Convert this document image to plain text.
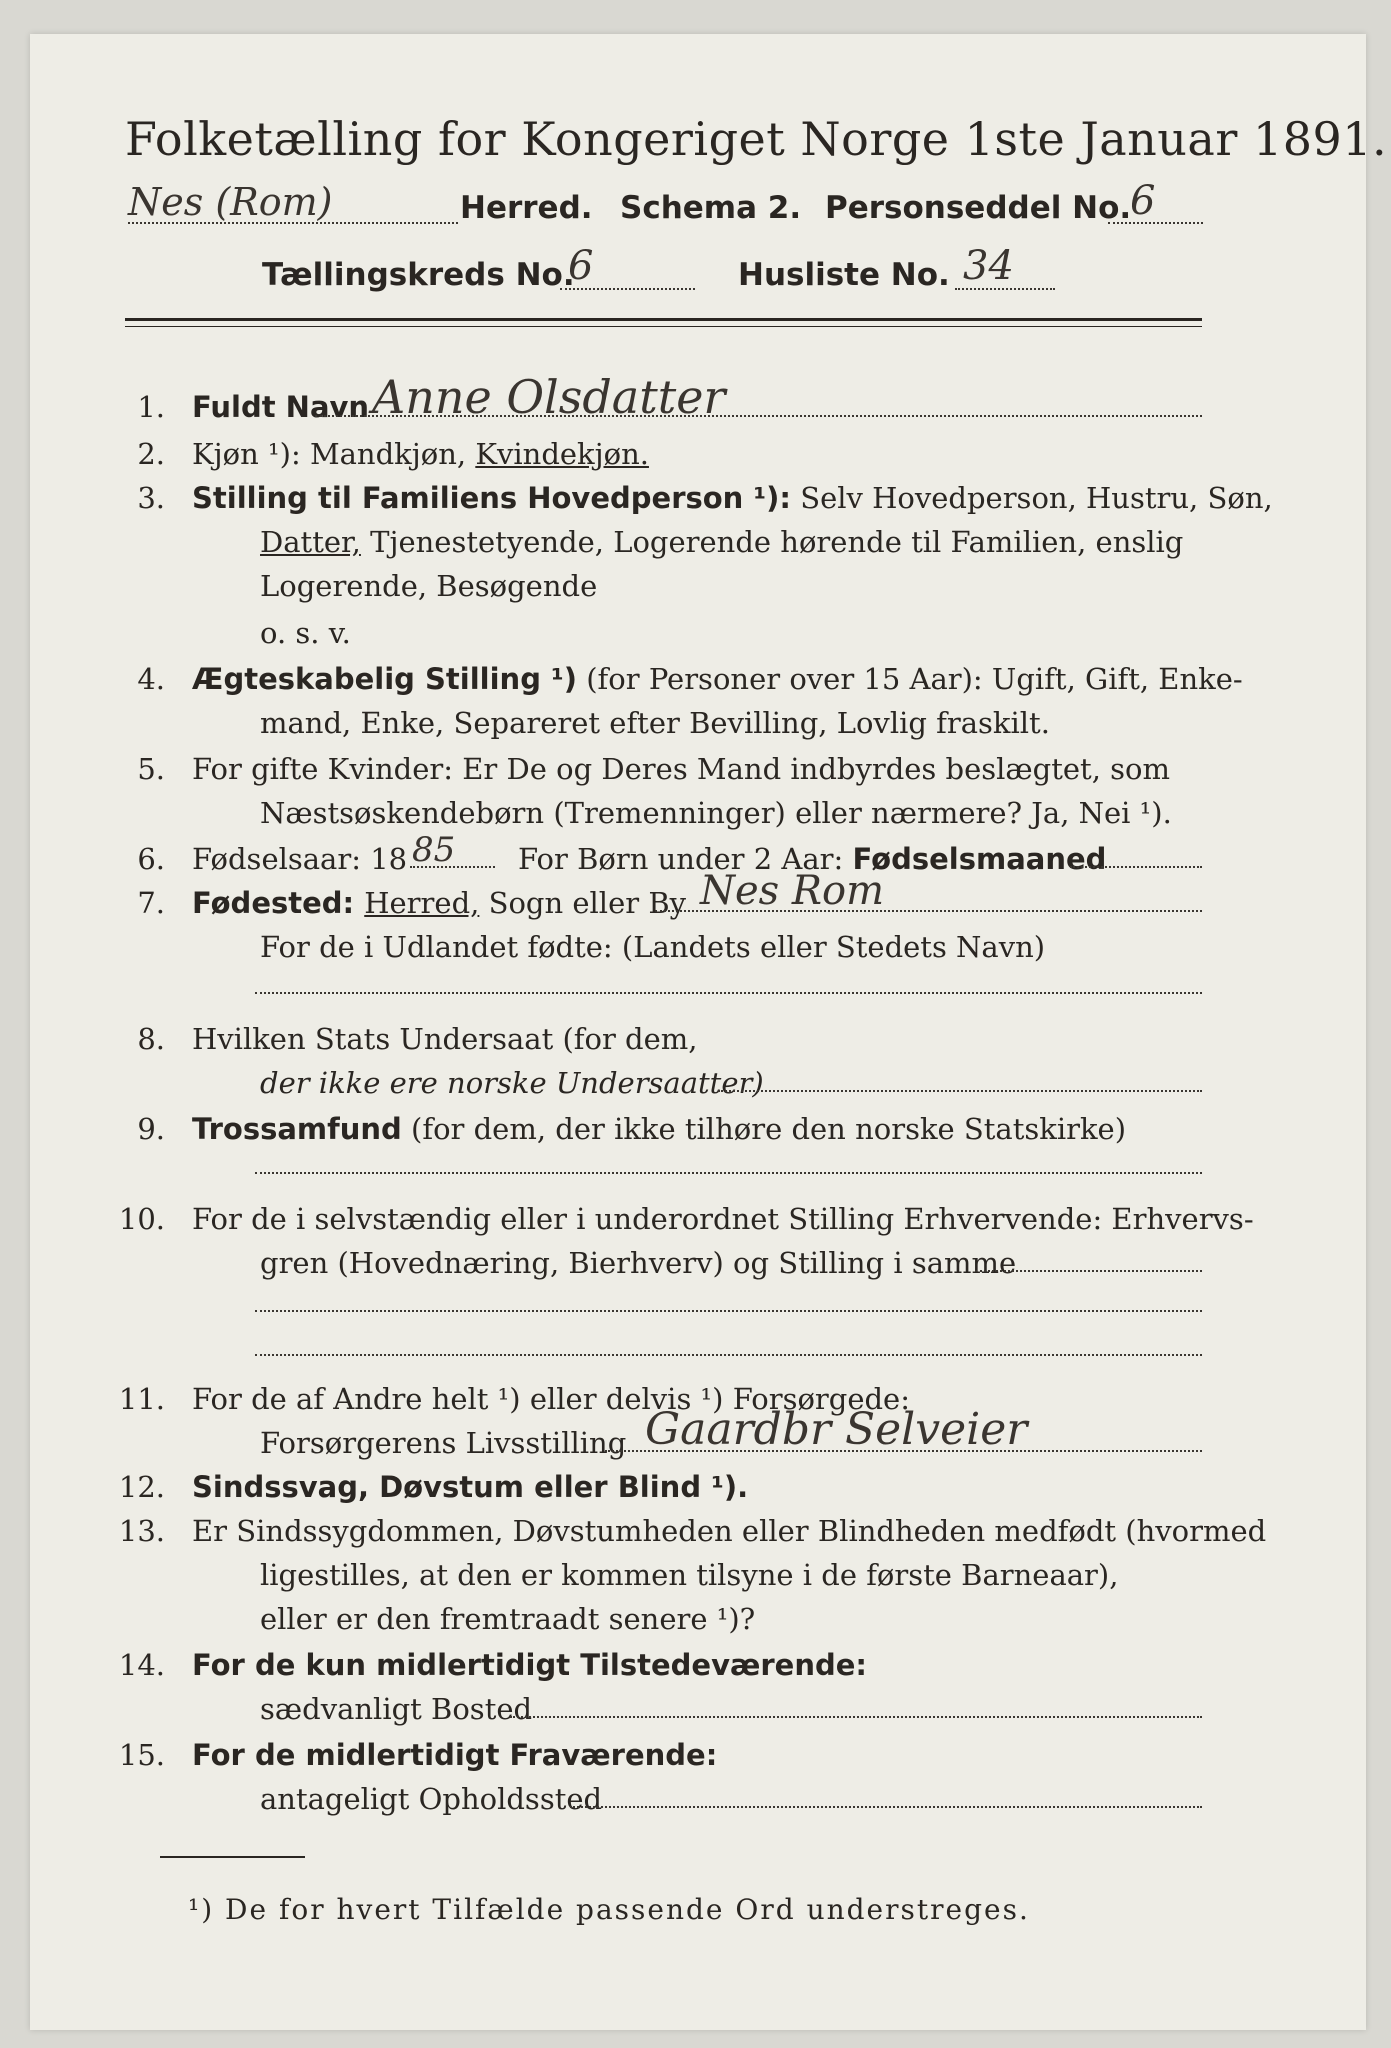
Folketælling for Kongeriget Norge 1ste Januar 1891.
Nes (Rom)	Herred. Schema 2. Personseddel No.
6
Tællingskreds No.
6	Husliste No. 34
1. Fuldt Navn Anne Olsdatter
2. Kjøn ¹): Mandkjøn, Kvindekjøn.
3. Stilling til Familiens Hovedperson ¹): Selv Hovedperson, Hustru, Søn,
Datter, Tjenestetyende, Logerende hørende til Familien, enslig
Logerende, Besøgende
o. s. v.
4. Ægteskabelig Stilling ¹) (for Personer over 15 Aar): Ugift, Gift, Enke-
mand, Enke, Separeret efter Bevilling, Lovlig fraskilt.
5. For gifte Kvinder: Er De og Deres Mand indbyrdes beslægtet, som
Næstsøskendebørn (Tremenninger) eller nærmere? Ja, Nei ¹).
6. Fødselsaar: 18 85 For Børn under 2 Aar: Fødselsmaaned
7. Fødested: Herred, Sogn eller By Nes Rom
For de i Udlandet fødte: (Landets eller Stedets Navn)
8. Hvilken Stats Undersaat (for dem,
der ikke ere norske Undersaatter)
9. Trossamfund (for dem, der ikke tilhøre den norske Statskirke)
10. For de i selvstændig eller i underordnet Stilling Erhvervende: Erhvervs-
gren (Hovednæring, Bierhverv) og Stilling i samme
11. For de af Andre helt ¹) eller delvis ¹) Forsørgede:
Forsørgerens Livsstilling Gaardbr Selveier
12. Sindssvag, Døvstum eller Blind ¹).
13. Er Sindssygdommen, Døvstumheden eller Blindheden medfødt (hvormed
ligestilles, at den er kommen tilsyne i de første Barneaar),
eller er den fremtraadt senere ¹)?
14. For de kun midlertidigt Tilstedeværende:
sædvanligt Bosted
15. For de midlertidigt Fraværende:
antageligt Opholdssted
¹) De for hvert Tilfælde passende Ord understreges.
